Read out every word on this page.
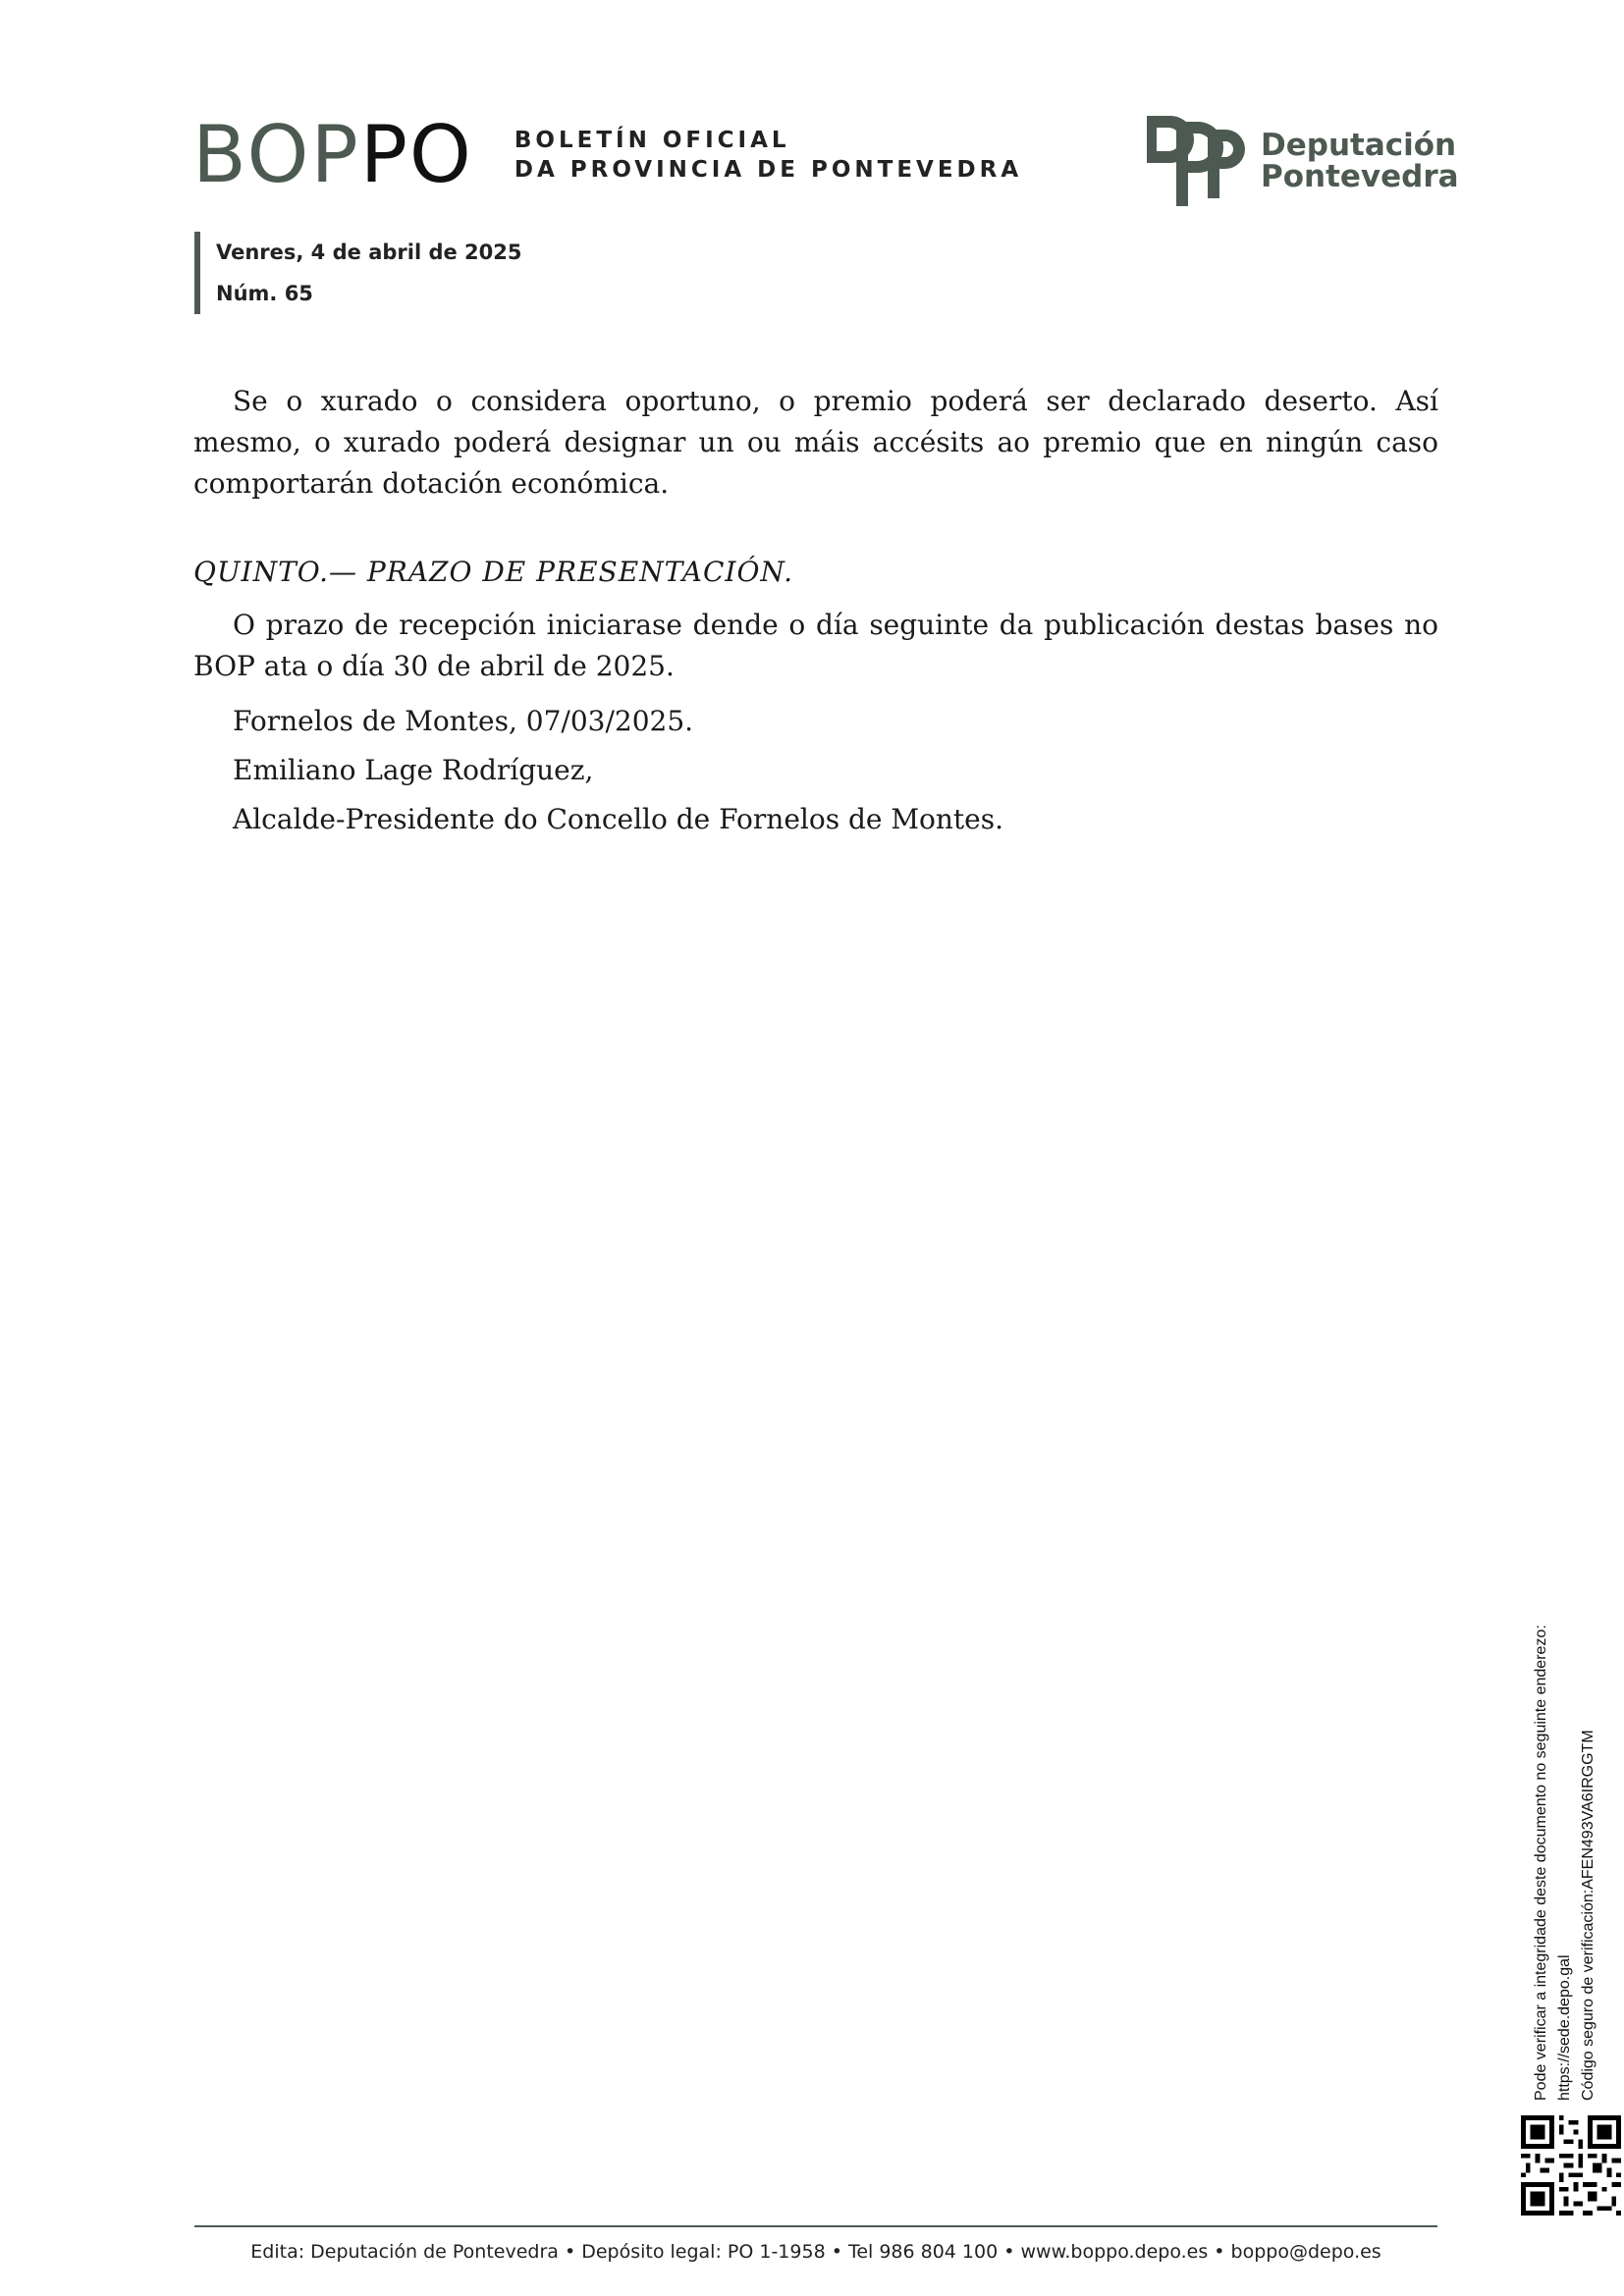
BOPPO BOLETÍN OFICIAL
DA PROVINCIA DE PONTEVEDRA
Deputación
Pontevedra
Venres, 4 de abril de 2025
Núm. 65

Se o xurado o considera oportuno, o premio poderá ser declarado deserto. Así mesmo, o xurado poderá designar un ou máis accésits ao premio que en ningún caso comportarán dotación económica.

QUINTO.— PRAZO DE PRESENTACIÓN.

O prazo de recepción iniciarase dende o día seguinte da publicación destas bases no BOP ata o día 30 de abril de 2025.

Fornelos de Montes, 07/03/2025.

Emiliano Lage Rodríguez,

Alcalde-Presidente do Concello de Fornelos de Montes.

Pode verificar a integridade deste documento no seguinte enderezo: https://sede.depo.gal Código seguro de verificación:AFEN493VA6IRGGTM
Edita: Deputación de Pontevedra • Depósito legal: PO 1-1958 • Tel 986 804 100 • www.boppo.depo.es • boppo@depo.es
